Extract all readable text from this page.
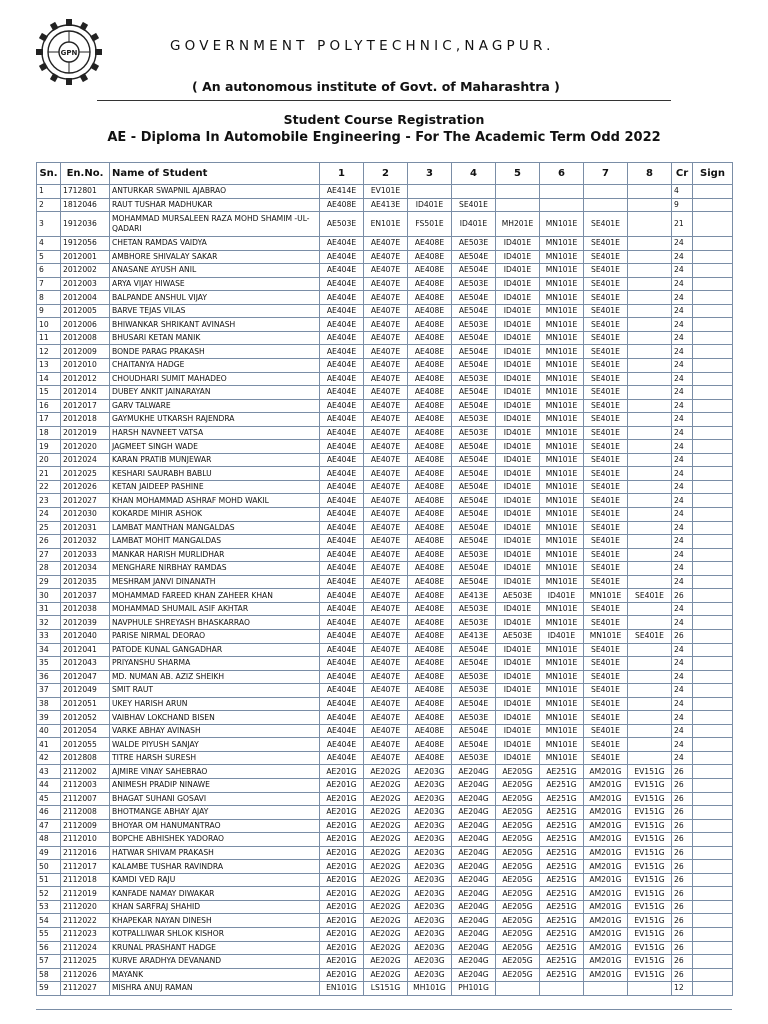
GPN	GOVERNMENT POLYTECHNIC,NAGPUR.
( An autonomous institute of Govt. of Maharashtra )
Student Course Registration
AE - Diploma In Automobile Engineering - For The Academic Term Odd 2022
Sn.	En.No.	Name of Student	1	2	3	4	5	6	7	8	Cr	Sign
1	1712801	ANTURKAR SWAPNIL AJABRAO	AE414E	EV101E							4	
2	1812046	RAUT TUSHAR MADHUKAR	AE408E	AE413E	ID401E	SE401E					9	
3	1912036	MOHAMMAD MURSALEEN RAZA MOHD SHAMIM -UL-QADARI	AE503E	EN101E	FS501E	ID401E	MH201E	MN101E	SE401E		21	
4	1912056	CHETAN RAMDAS VAIDYA	AE404E	AE407E	AE408E	AE503E	ID401E	MN101E	SE401E		24	
5	2012001	AMBHORE SHIVALAY SAKAR	AE404E	AE407E	AE408E	AE504E	ID401E	MN101E	SE401E		24	
6	2012002	ANASANE AYUSH ANIL	AE404E	AE407E	AE408E	AE504E	ID401E	MN101E	SE401E		24	
7	2012003	ARYA VIJAY HIWASE	AE404E	AE407E	AE408E	AE503E	ID401E	MN101E	SE401E		24	
8	2012004	BALPANDE ANSHUL VIJAY	AE404E	AE407E	AE408E	AE504E	ID401E	MN101E	SE401E		24	
9	2012005	BARVE TEJAS VILAS	AE404E	AE407E	AE408E	AE504E	ID401E	MN101E	SE401E		24	
10	2012006	BHIWANKAR SHRIKANT AVINASH	AE404E	AE407E	AE408E	AE503E	ID401E	MN101E	SE401E		24	
11	2012008	BHUSARI KETAN MANIK	AE404E	AE407E	AE408E	AE504E	ID401E	MN101E	SE401E		24	
12	2012009	BONDE PARAG PRAKASH	AE404E	AE407E	AE408E	AE504E	ID401E	MN101E	SE401E		24	
13	2012010	CHAITANYA HADGE	AE404E	AE407E	AE408E	AE504E	ID401E	MN101E	SE401E		24	
14	2012012	CHOUDHARI SUMIT MAHADEO	AE404E	AE407E	AE408E	AE503E	ID401E	MN101E	SE401E		24	
15	2012014	DUBEY ANKIT JAINARAYAN	AE404E	AE407E	AE408E	AE504E	ID401E	MN101E	SE401E		24	
16	2012017	GARV TALWARE	AE404E	AE407E	AE408E	AE504E	ID401E	MN101E	SE401E		24	
17	2012018	GAYMUKHE UTKARSH RAJENDRA	AE404E	AE407E	AE408E	AE503E	ID401E	MN101E	SE401E		24	
18	2012019	HARSH NAVNEET VATSA	AE404E	AE407E	AE408E	AE503E	ID401E	MN101E	SE401E		24	
19	2012020	JAGMEET SINGH WADE	AE404E	AE407E	AE408E	AE504E	ID401E	MN101E	SE401E		24	
20	2012024	KARAN PRATIB MUNJEWAR	AE404E	AE407E	AE408E	AE504E	ID401E	MN101E	SE401E		24	
21	2012025	KESHARI SAURABH BABLU	AE404E	AE407E	AE408E	AE504E	ID401E	MN101E	SE401E		24	
22	2012026	KETAN JAIDEEP PASHINE	AE404E	AE407E	AE408E	AE504E	ID401E	MN101E	SE401E		24	
23	2012027	KHAN MOHAMMAD ASHRAF MOHD WAKIL	AE404E	AE407E	AE408E	AE504E	ID401E	MN101E	SE401E		24	
24	2012030	KOKARDE MIHIR ASHOK	AE404E	AE407E	AE408E	AE504E	ID401E	MN101E	SE401E		24	
25	2012031	LAMBAT MANTHAN MANGALDAS	AE404E	AE407E	AE408E	AE504E	ID401E	MN101E	SE401E		24	
26	2012032	LAMBAT MOHIT MANGALDAS	AE404E	AE407E	AE408E	AE504E	ID401E	MN101E	SE401E		24	
27	2012033	MANKAR HARISH MURLIDHAR	AE404E	AE407E	AE408E	AE503E	ID401E	MN101E	SE401E		24	
28	2012034	MENGHARE NIRBHAY RAMDAS	AE404E	AE407E	AE408E	AE504E	ID401E	MN101E	SE401E		24	
29	2012035	MESHRAM JANVI DINANATH	AE404E	AE407E	AE408E	AE504E	ID401E	MN101E	SE401E		24	
30	2012037	MOHAMMAD FAREED KHAN ZAHEER KHAN	AE404E	AE407E	AE408E	AE413E	AE503E	ID401E	MN101E	SE401E	26	
31	2012038	MOHAMMAD SHUMAIL ASIF AKHTAR	AE404E	AE407E	AE408E	AE503E	ID401E	MN101E	SE401E		24	
32	2012039	NAVPHULE SHREYASH BHASKARRAO	AE404E	AE407E	AE408E	AE503E	ID401E	MN101E	SE401E		24	
33	2012040	PARISE NIRMAL DEORAO	AE404E	AE407E	AE408E	AE413E	AE503E	ID401E	MN101E	SE401E	26	
34	2012041	PATODE KUNAL GANGADHAR	AE404E	AE407E	AE408E	AE504E	ID401E	MN101E	SE401E		24	
35	2012043	PRIYANSHU SHARMA	AE404E	AE407E	AE408E	AE504E	ID401E	MN101E	SE401E		24	
36	2012047	MD. NUMAN AB. AZIZ SHEIKH	AE404E	AE407E	AE408E	AE503E	ID401E	MN101E	SE401E		24	
37	2012049	SMIT RAUT	AE404E	AE407E	AE408E	AE503E	ID401E	MN101E	SE401E		24	
38	2012051	UKEY HARISH ARUN	AE404E	AE407E	AE408E	AE504E	ID401E	MN101E	SE401E		24	
39	2012052	VAIBHAV LOKCHAND BISEN	AE404E	AE407E	AE408E	AE503E	ID401E	MN101E	SE401E		24	
40	2012054	VARKE ABHAY AVINASH	AE404E	AE407E	AE408E	AE504E	ID401E	MN101E	SE401E		24	
41	2012055	WALDE PIYUSH SANJAY	AE404E	AE407E	AE408E	AE504E	ID401E	MN101E	SE401E		24	
42	2012808	TITRE HARSH SURESH	AE404E	AE407E	AE408E	AE503E	ID401E	MN101E	SE401E		24	
43	2112002	AJMIRE VINAY SAHEBRAO	AE201G	AE202G	AE203G	AE204G	AE205G	AE251G	AM201G	EV151G	26	
44	2112003	ANIMESH PRADIP NINAWE	AE201G	AE202G	AE203G	AE204G	AE205G	AE251G	AM201G	EV151G	26	
45	2112007	BHAGAT SUHANI GOSAVI	AE201G	AE202G	AE203G	AE204G	AE205G	AE251G	AM201G	EV151G	26	
46	2112008	BHOTMANGE ABHAY AJAY	AE201G	AE202G	AE203G	AE204G	AE205G	AE251G	AM201G	EV151G	26	
47	2112009	BHOYAR OM HANUMANTRAO	AE201G	AE202G	AE203G	AE204G	AE205G	AE251G	AM201G	EV151G	26	
48	2112010	BOPCHE ABHISHEK YADORAO	AE201G	AE202G	AE203G	AE204G	AE205G	AE251G	AM201G	EV151G	26	
49	2112016	HATWAR SHIVAM PRAKASH	AE201G	AE202G	AE203G	AE204G	AE205G	AE251G	AM201G	EV151G	26	
50	2112017	KALAMBE TUSHAR RAVINDRA	AE201G	AE202G	AE203G	AE204G	AE205G	AE251G	AM201G	EV151G	26	
51	2112018	KAMDI VED RAJU	AE201G	AE202G	AE203G	AE204G	AE205G	AE251G	AM201G	EV151G	26	
52	2112019	KANFADE NAMAY DIWAKAR	AE201G	AE202G	AE203G	AE204G	AE205G	AE251G	AM201G	EV151G	26	
53	2112020	KHAN SARFRAJ SHAHID	AE201G	AE202G	AE203G	AE204G	AE205G	AE251G	AM201G	EV151G	26	
54	2112022	KHAPEKAR NAYAN DINESH	AE201G	AE202G	AE203G	AE204G	AE205G	AE251G	AM201G	EV151G	26	
55	2112023	KOTPALLIWAR SHLOK KISHOR	AE201G	AE202G	AE203G	AE204G	AE205G	AE251G	AM201G	EV151G	26	
56	2112024	KRUNAL PRASHANT HADGE	AE201G	AE202G	AE203G	AE204G	AE205G	AE251G	AM201G	EV151G	26	
57	2112025	KURVE ARADHYA DEVANAND	AE201G	AE202G	AE203G	AE204G	AE205G	AE251G	AM201G	EV151G	26	
58	2112026	MAYANK	AE201G	AE202G	AE203G	AE204G	AE205G	AE251G	AM201G	EV151G	26	
59	2112027	MISHRA ANUJ RAMAN	EN101G	LS151G	MH101G	PH101G					12	
